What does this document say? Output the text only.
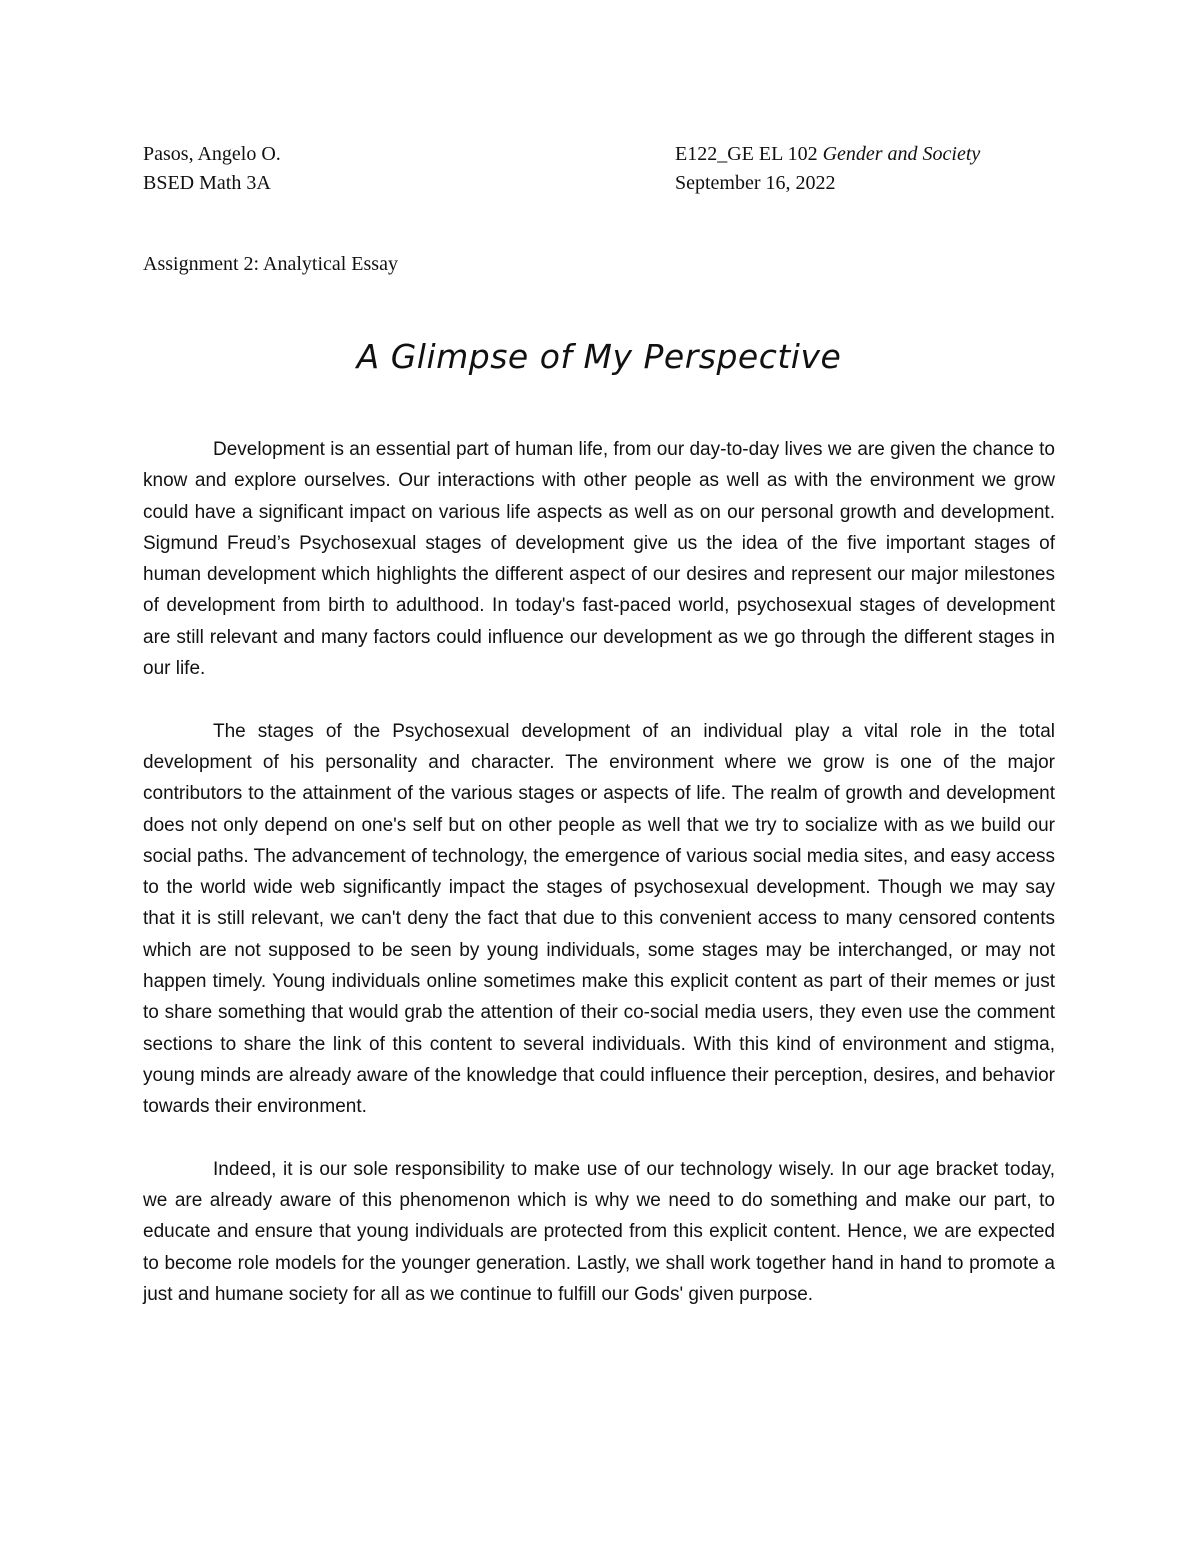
Pasos, Angelo O.
BSED Math 3A
E122_GE EL 102 Gender and Society
September 16, 2022
Assignment 2: Analytical Essay
A Glimpse of My Perspective

Development is an essential part of human life, from our day-to-day lives we are given the chance to know and explore ourselves. Our interactions with other people as well as with the environment we grow could have a significant impact on various life aspects as well as on our personal growth and development. Sigmund Freud’s Psychosexual stages of development give us the idea of the five important stages of human development which highlights the different aspect of our desires and represent our major milestones of development from birth to adulthood. In today's fast-paced world, psychosexual stages of development are still relevant and many factors could influence our development as we go through the different stages in our life.

The stages of the Psychosexual development of an individual play a vital role in the total development of his personality and character. The environment where we grow is one of the major contributors to the attainment of the various stages or aspects of life. The realm of growth and development does not only depend on one's self but on other people as well that we try to socialize with as we build our social paths. The advancement of technology, the emergence of various social media sites, and easy access to the world wide web significantly impact the stages of psychosexual development. Though we may say that it is still relevant, we can't deny the fact that due to this convenient access to many censored contents which are not supposed to be seen by young individuals, some stages may be interchanged, or may not happen timely. Young individuals online sometimes make this explicit content as part of their memes or just to share something that would grab the attention of their co-social media users, they even use the comment sections to share the link of this content to several individuals. With this kind of environment and stigma, young minds are already aware of the knowledge that could influence their perception, desires, and behavior towards their environment.

Indeed, it is our sole responsibility to make use of our technology wisely. In our age bracket today, we are already aware of this phenomenon which is why we need to do something and make our part, to educate and ensure that young individuals are protected from this explicit content. Hence, we are expected to become role models for the younger generation. Lastly, we shall work together hand in hand to promote a just and humane society for all as we continue to fulfill our Gods' given purpose.
